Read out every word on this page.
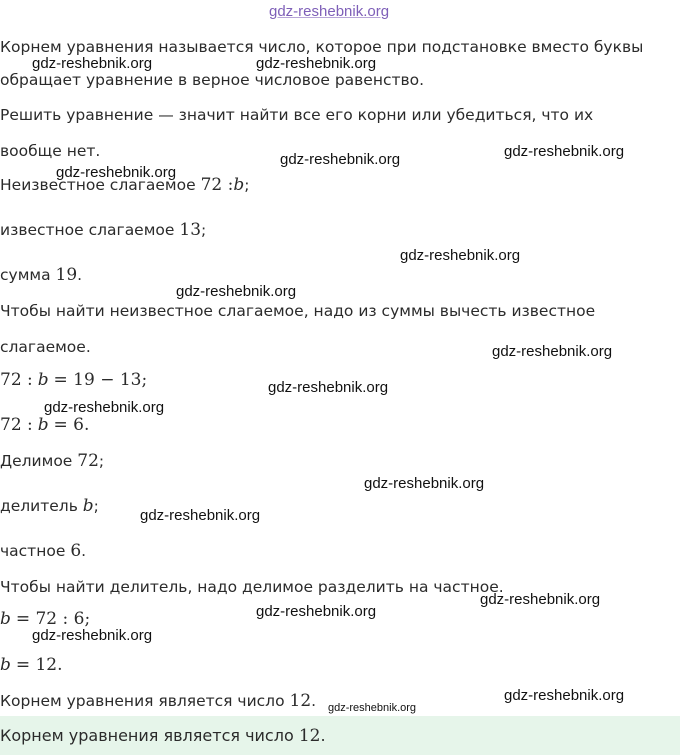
gdz-reshebnik.org
Корнем уравнения называется число, которое при подстановке вместо буквы
обращает уравнение в верное числовое равенство.
Решить уравнение — значит найти все его корни или убедиться, что их
вообще нет.
Неизвестное слагаемое 72 :b;
известное слагаемое 13;
сумма 19.
Чтобы найти неизвестное слагаемое, надо из суммы вычесть известное
слагаемое.
72 : b = 19 − 13;
72 : b = 6.
Делимое 72;
делитель b;
частное 6.
Чтобы найти делитель, надо делимое разделить на частное.
b = 72 : 6;
b = 12.
Корнем уравнения является число 12.
Корнем уравнения является число 12.
gdz-reshebnik.org	gdz-reshebnik.org
gdz-reshebnik.org	gdz-reshebnik.org
gdz-reshebnik.org
gdz-reshebnik.org
gdz-reshebnik.org
gdz-reshebnik.org
gdz-reshebnik.org
gdz-reshebnik.org
gdz-reshebnik.org
gdz-reshebnik.org
gdz-reshebnik.org
gdz-reshebnik.org
gdz-reshebnik.org
gdz-reshebnik.org
gdz-reshebnik.org
